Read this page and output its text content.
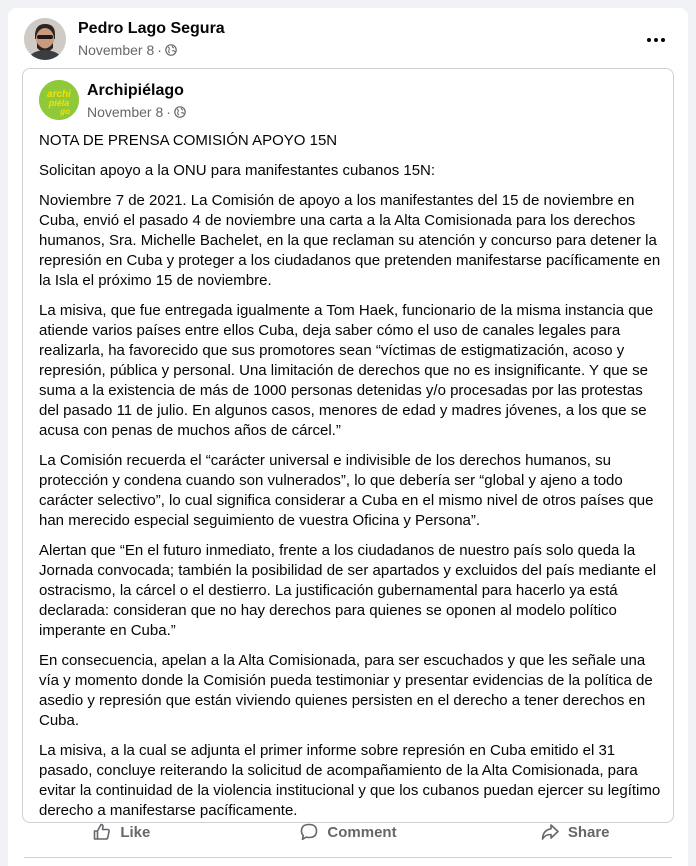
Pedro Lago Segura
November 8 ·
archi
piéla
go
Archipiélago
November 8 ·

NOTA DE PRENSA COMISIÓN APOYO 15N

Solicitan apoyo a la ONU para manifestantes cubanos 15N:

Noviembre 7 de 2021. La Comisión de apoyo a los manifestantes del 15 de noviembre en Cuba, envió el pasado 4 de noviembre una carta a la Alta Comisionada para los derechos humanos, Sra. Michelle Bachelet, en la que reclaman su atención y concurso para detener la represión en Cuba y proteger a los ciudadanos que pretenden manifestarse pacíficamente en la Isla el próximo 15 de noviembre.

La misiva, que fue entregada igualmente a Tom Haek, funcionario de la misma instancia que atiende varios países entre ellos Cuba, deja saber cómo el uso de canales legales para realizarla, ha favorecido que sus promotores sean “víctimas de estigmatización, acoso y represión, pública y personal. Una limitación de derechos que no es insignificante. Y que se suma a la existencia de más de 1000 personas detenidas y/o procesadas por las protestas del pasado 11 de julio. En algunos casos, menores de edad y madres jóvenes, a los que se acusa con penas de muchos años de cárcel.”

La Comisión recuerda el “carácter universal e indivisible de los derechos humanos, su protección y condena cuando son vulnerados”, lo que debería ser “global y ajeno a todo carácter selectivo”, lo cual significa considerar a Cuba en el mismo nivel de otros países que han merecido especial seguimiento de vuestra Oficina y Persona”.

Alertan que “En el futuro inmediato, frente a los ciudadanos de nuestro país solo queda la Jornada convocada; también la posibilidad de ser apartados y excluidos del país mediante el ostracismo, la cárcel o el destierro. La justificación gubernamental para hacerlo ya está declarada: consideran que no hay derechos para quienes se oponen al modelo político imperante en Cuba.”

En consecuencia, apelan a la Alta Comisionada, para ser escuchados y que les señale una vía y momento donde la Comisión pueda testimoniar y presentar evidencias de la política de asedio y represión que están viviendo quienes persisten en el derecho a tener derechos en Cuba.

La misiva, a la cual se adjunta el primer informe sobre represión en Cuba emitido el 31 pasado, concluye reiterando la solicitud de acompañamiento de la Alta Comisionada, para evitar la continuidad de la violencia institucional y que los cubanos puedan ejercer su legítimo derecho a manifestarse pacíficamente.

Like	Comment	Share
